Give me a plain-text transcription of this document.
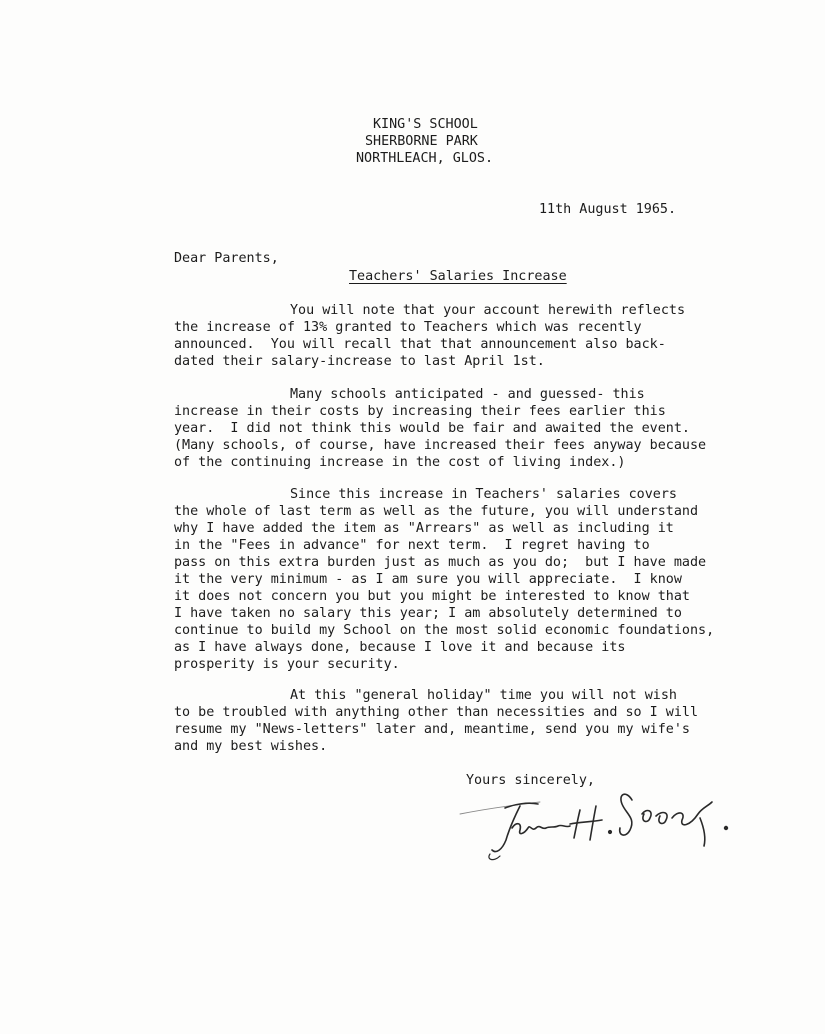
KING'S SCHOOL
SHERBORNE PARK
NORTHLEACH, GLOS.
11th August 1965.
Dear Parents,
Teachers' Salaries Increase
You will note that your account herewith reflects
the increase of 13% granted to Teachers which was recently
announced.  You will recall that that announcement also back-
dated their salary-increase to last April 1st.
Many schools anticipated - and guessed- this
increase in their costs by increasing their fees earlier this
year.  I did not think this would be fair and awaited the event.
(Many schools, of course, have increased their fees anyway because
of the continuing increase in the cost of living index.)
Since this increase in Teachers' salaries covers
the whole of last term as well as the future, you will understand
why I have added the item as "Arrears" as well as including it
in the "Fees in advance" for next term.  I regret having to
pass on this extra burden just as much as you do;  but I have made
it the very minimum - as I am sure you will appreciate.  I know
it does not concern you but you might be interested to know that
I have taken no salary this year; I am absolutely determined to
continue to build my School on the most solid economic foundations,
as I have always done, because I love it and because its
prosperity is your security.
At this "general holiday" time you will not wish
to be troubled with anything other than necessities and so I will
resume my "News-letters" later and, meantime, send you my wife's
and my best wishes.
Yours sincerely,
